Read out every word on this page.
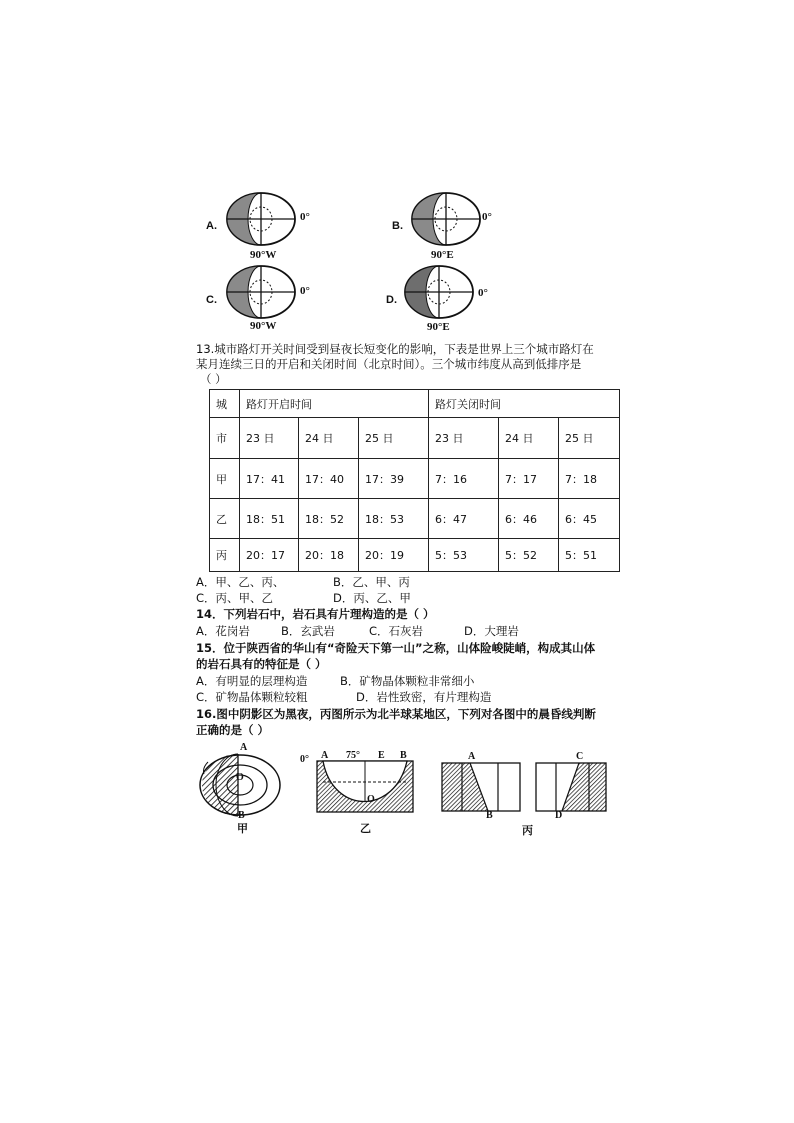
A.
0°
90°W
B.
0°
90°E
C.
0°
90°W
D.
0°
90°E
13.城市路灯开关时间受到昼夜长短变化的影响，下表是世界上三个城市路灯在
某月连续三日的开启和关闭时间（北京时间）。三个城市纬度从高到低排序是
（ ）
城	路灯开启时间			路灯关闭时间		
市	23 日	24 日	25 日	23 日	24 日	25 日
甲	17：41	17：40	17：39	7：16	7：17	7：18
乙	18：51	18：52	18：53	6：47	6：46	6：45
丙	20：17	20：18	20：19	5：53	5：52	5：51
A．甲、乙、丙、	B．乙、甲、丙
C．丙、甲、乙	D．丙、乙、甲
14．下列岩石中，岩石具有片理构造的是（ ）
A．花岗岩	B．玄武岩	C．石灰岩	D．大理岩
15．位于陕西省的华山有“奇险天下第一山”之称，山体险峻陡峭，构成其山体
的岩石具有的特征是（ ）
A．有明显的层理构造	B．矿物晶体颗粒非常细小
C．矿物晶体颗粒较粗	D．岩性致密，有片理构造
16.图中阴影区为黑夜，丙图所示为北半球某地区，下列对各图中的晨昏线判断
正确的是（ ）
A
O
B
甲
0° A 75° E B
O
乙
A
B
C
D
丙
